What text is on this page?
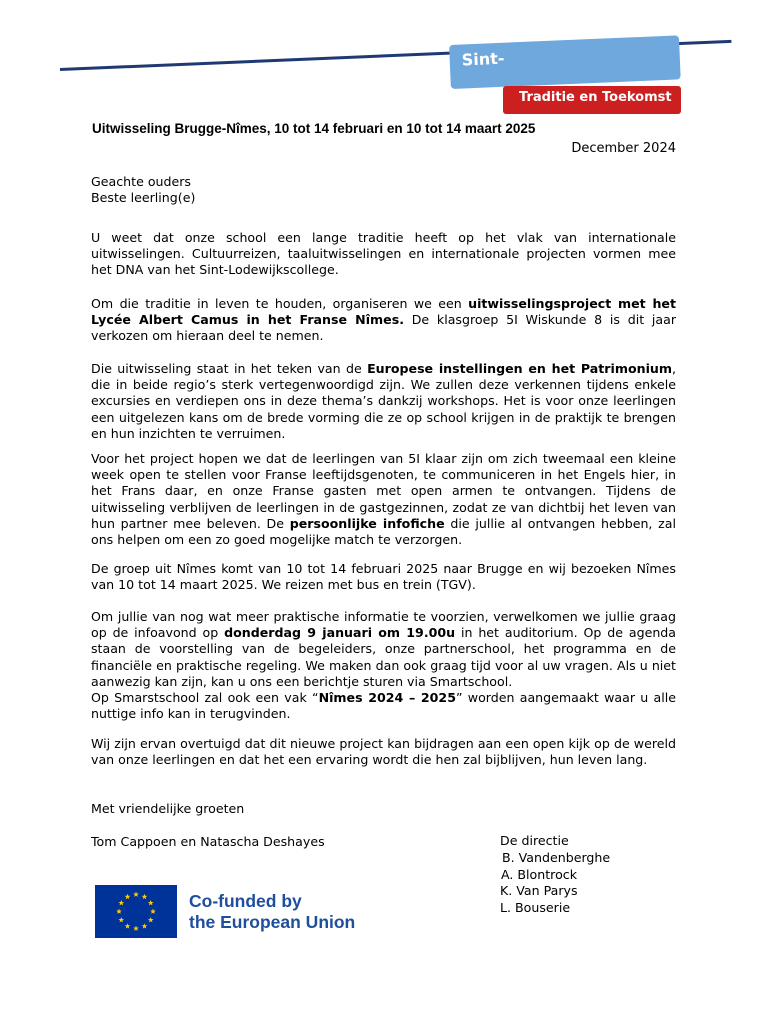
Sint-
Traditie en Toekomst
Uitwisseling Brugge-Nîmes, 10 tot 14 februari en 10 tot 14 maart 2025
December 2024
Geachte ouders
Beste leerling(e)

U weet dat onze school een lange traditie heeft op het vlak van internationale uitwisselingen. Cultuurreizen, taaluitwisselingen en internationale projecten vormen mee het DNA van het Sint-Lodewijkscollege.

Om die traditie in leven te houden, organiseren we een uitwisselingsproject met het Lycée Albert Camus in het Franse Nîmes. De klasgroep 5I Wiskunde 8 is dit jaar verkozen om hieraan deel te nemen.

Die uitwisseling staat in het teken van de Europese instellingen en het Patrimonium, die in beide regio’s sterk vertegenwoordigd zijn. We zullen deze verkennen tijdens enkele excursies en verdiepen ons in deze thema’s dankzij workshops. Het is voor onze leerlingen een uitgelezen kans om de brede vorming die ze op school krijgen in de praktijk te brengen en hun inzichten te verruimen.

Voor het project hopen we dat de leerlingen van 5I klaar zijn om zich tweemaal een kleine week open te stellen voor Franse leeftijdsgenoten, te communiceren in het Engels hier, in het Frans daar, en onze Franse gasten met open armen te ontvangen. Tijdens de uitwisseling verblijven de leerlingen in de gastgezinnen, zodat ze van dichtbij het leven van hun partner mee beleven. De persoonlijke infofiche die jullie al ontvangen hebben, zal ons helpen om een zo goed mogelijke match te verzorgen.

De groep uit Nîmes komt van 10 tot 14 februari 2025 naar Brugge en wij bezoeken Nîmes van 10 tot 14 maart 2025. We reizen met bus en trein (TGV).

Om jullie van nog wat meer praktische informatie te voorzien, verwelkomen we jullie graag op de infoavond op donderdag 9 januari om 19.00u in het auditorium. Op de agenda staan de voorstelling van de begeleiders, onze partnerschool, het programma en de financiële en praktische regeling. We maken dan ook graag tijd voor al uw vragen. Als u niet aanwezig kan zijn, kan u ons een berichtje sturen via Smartschool.
Op Smarstschool zal ook een vak “Nîmes 2024 – 2025” worden aangemaakt waar u alle nuttige info kan in terugvinden.

Wij zijn ervan overtuigd dat dit nieuwe project kan bijdragen aan een open kijk op de wereld van onze leerlingen en dat het een ervaring wordt die hen zal bijblijven, hun leven lang.

Met vriendelijke groeten
Tom Cappoen en Natascha Deshayes	De directie
B. Vandenberghe
A. Blontrock
K. Van Parys
L. Bouserie
Co-funded by
the European Union
